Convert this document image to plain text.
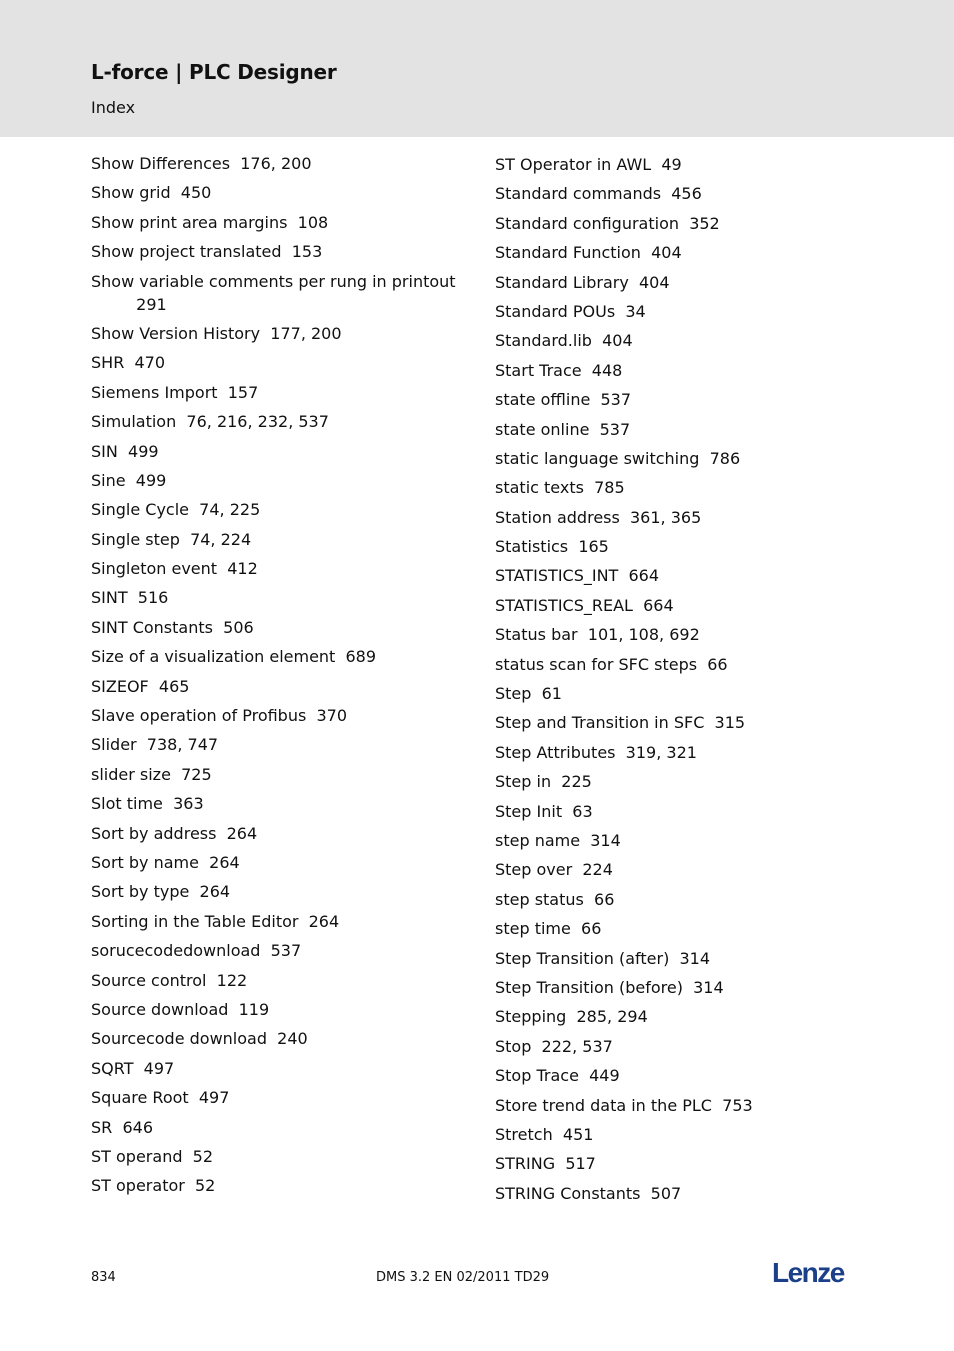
L-force | PLC Designer
Index
Show Differences 176, 200
Show grid 450
Show print area margins 108
Show project translated 153
Show variable comments per rung in printout  291
Show Version History 177, 200
SHR 470
Siemens Import 157
Simulation 76, 216, 232, 537
SIN 499
Sine 499
Single Cycle 74, 225
Single step 74, 224
Singleton event 412
SINT 516
SINT Constants 506
Size of a visualization element 689
SIZEOF 465
Slave operation of Profibus 370
Slider 738, 747
slider size 725
Slot time 363
Sort by address 264
Sort by name 264
Sort by type 264
Sorting in the Table Editor 264
sorucecodedownload 537
Source control 122
Source download 119
Sourcecode download 240
SQRT 497
Square Root 497
SR 646
ST operand 52
ST operator 52
ST Operator in AWL 49
Standard commands 456
Standard configuration 352
Standard Function 404
Standard Library 404
Standard POUs 34
Standard.lib 404
Start Trace 448
state offline 537
state online 537
static language switching 786
static texts 785
Station address 361, 365
Statistics 165
STATISTICS_INT 664
STATISTICS_REAL 664
Status bar 101, 108, 692
status scan for SFC steps 66
Step 61
Step and Transition in SFC 315
Step Attributes 319, 321
Step in 225
Step Init 63
step name 314
Step over 224
step status 66
step time 66
Step Transition (after) 314
Step Transition (before) 314
Stepping 285, 294
Stop 222, 537
Stop Trace 449
Store trend data in the PLC 753
Stretch 451
STRING 517
STRING Constants 507
834	DMS 3.2 EN 02/2011 TD29	Lenze
